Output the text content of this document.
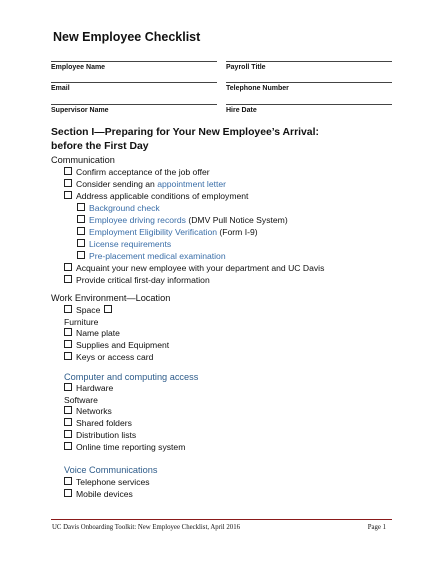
New Employee Checklist
Employee Name	Payroll Title
Email	Telephone Number
Supervisor Name	Hire Date
Section I—Preparing for Your New Employee’s Arrival:
before the First Day
Communication
Confirm acceptance of the job offer
Consider sending an appointment letter
Address applicable conditions of employment
Background check
Employee driving records (DMV Pull Notice System)
Employment Eligibility Verification (Form I-9)
License requirements
Pre-placement medical examination
Acquaint your new employee with your department and UC Davis
Provide critical first-day information
Work Environment—Location
Space
Furniture
Name plate
Supplies and Equipment
Keys or access card
Computer and computing access
Hardware
Software
Networks
Shared folders
Distribution lists
Online time reporting system
Voice Communications
Telephone services
Mobile devices
UC Davis Onboarding Toolkit: New Employee Checklist, April 2016	Page 1
